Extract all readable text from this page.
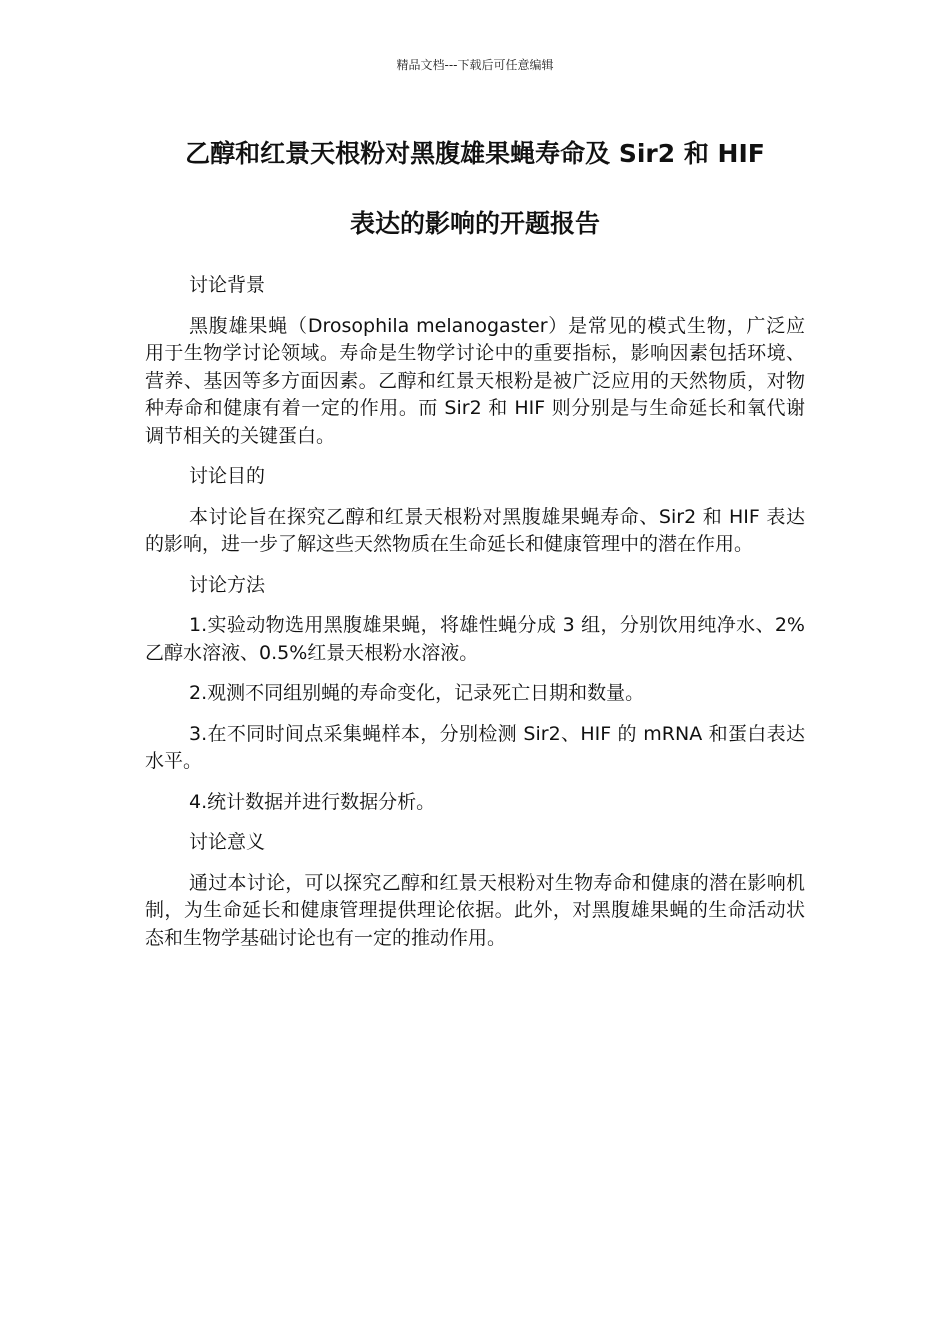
精品文档---下载后可任意编辑
乙醇和红景天根粉对黑腹雄果蝇寿命及 Sir2 和 HIF
表达的影响的开题报告

讨论背景

黑腹雄果蝇（Drosophila melanogaster）是常见的模式生物，广泛应用于生物学讨论领域。寿命是生物学讨论中的重要指标，影响因素包括环境、营养、基因等多方面因素。乙醇和红景天根粉是被广泛应用的天然物质，对物种寿命和健康有着一定的作用。而 Sir2 和 HIF 则分别是与生命延长和氧代谢调节相关的关键蛋白。

讨论目的

本讨论旨在探究乙醇和红景天根粉对黑腹雄果蝇寿命、Sir2 和 HIF 表达的影响，进一步了解这些天然物质在生命延长和健康管理中的潜在作用。

讨论方法

1.实验动物选用黑腹雄果蝇，将雄性蝇分成 3 组，分别饮用纯净水、2%乙醇水溶液、0.5%红景天根粉水溶液。

2.观测不同组别蝇的寿命变化，记录死亡日期和数量。

3.在不同时间点采集蝇样本，分别检测 Sir2、HIF 的 mRNA 和蛋白表达水平。

4.统计数据并进行数据分析。

讨论意义

通过本讨论，可以探究乙醇和红景天根粉对生物寿命和健康的潜在影响机制，为生命延长和健康管理提供理论依据。此外，对黑腹雄果蝇的生命活动状态和生物学基础讨论也有一定的推动作用。
